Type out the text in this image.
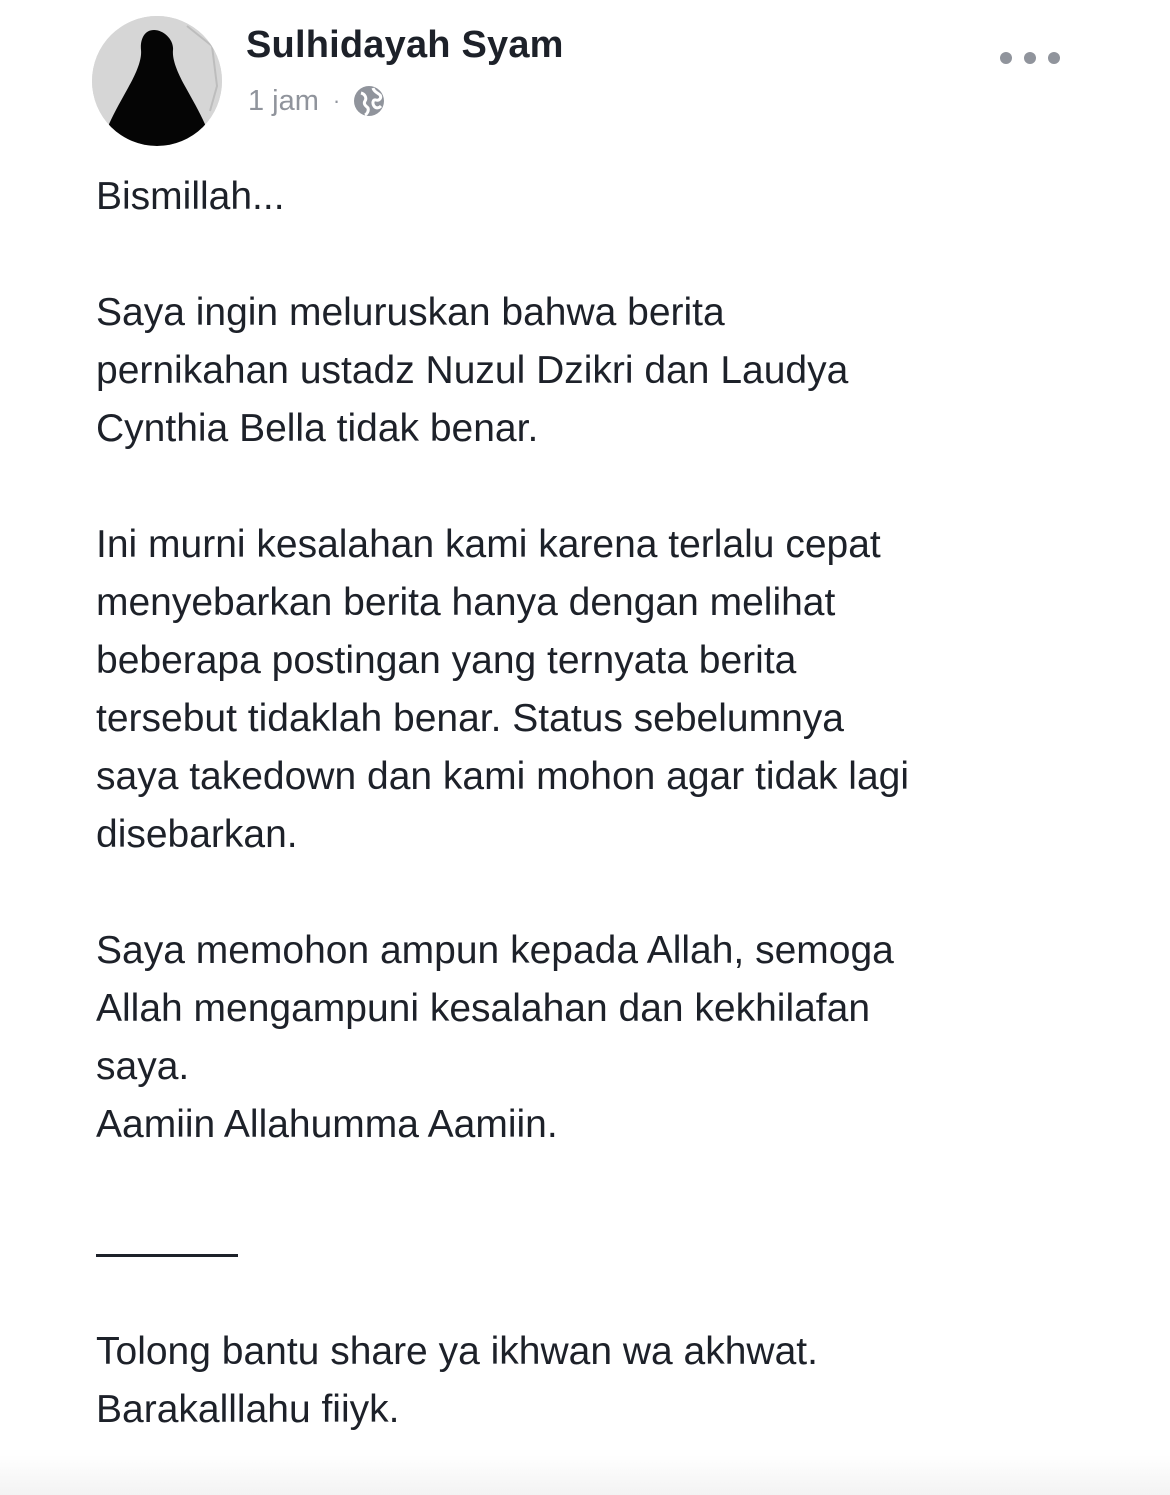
Sulhidayah Syam
1 jam ·
Bismillah...
Saya ingin meluruskan bahwa berita
pernikahan ustadz Nuzul Dzikri dan Laudya
Cynthia Bella tidak benar.
Ini murni kesalahan kami karena terlalu cepat
menyebarkan berita hanya dengan melihat
beberapa postingan yang ternyata berita
tersebut tidaklah benar. Status sebelumnya
saya takedown dan kami mohon agar tidak lagi
disebarkan.
Saya memohon ampun kepada Allah, semoga
Allah mengampuni kesalahan dan kekhilafan
saya.
Aamiin Allahumma Aamiin.
Tolong bantu share ya ikhwan wa akhwat.
Barakalllahu fiiyk.
